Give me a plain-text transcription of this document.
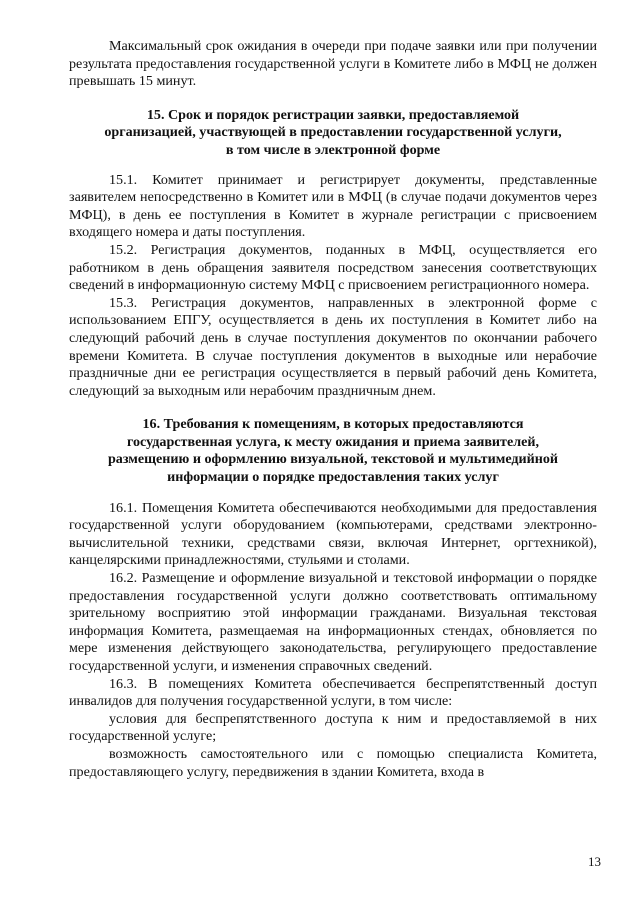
Максимальный срок ожидания в очереди при подаче заявки или при получении результата предоставления государственной услуги в Комитете либо в МФЦ не должен превышать 15 минут.

15. Срок и порядок регистрации заявки, предоставляемой
организацией, участвующей в предоставлении государственной услуги,
в том числе в электронной форме

15.1. Комитет принимает и регистрирует документы, представленные заявителем непосредственно в Комитет или в МФЦ (в случае подачи документов через МФЦ), в день ее поступления в Комитет в журнале регистрации с присвоением входящего номера и даты поступления.

15.2. Регистрация документов, поданных в МФЦ, осуществляется его работником в день обращения заявителя посредством занесения соответствующих сведений в информационную систему МФЦ с присвоением регистрационного номера.

15.3. Регистрация документов, направленных в электронной форме с использованием ЕПГУ, осуществляется в день их поступления в Комитет либо на следующий рабочий день в случае поступления документов по окончании рабочего времени Комитета. В случае поступления документов в выходные или нерабочие праздничные дни ее регистрация осуществляется в первый рабочий день Комитета, следующий за выходным или нерабочим праздничным днем.

16. Требования к помещениям, в которых предоставляются
государственная услуга, к месту ожидания и приема заявителей,
размещению и оформлению визуальной, текстовой и мультимедийной
информации о порядке предоставления таких услуг

16.1. Помещения Комитета обеспечиваются необходимыми для предоставления государственной услуги оборудованием (компьютерами, средствами электронно-вычислительной техники, средствами связи, включая Интернет, оргтехникой), канцелярскими принадлежностями, стульями и столами.

16.2. Размещение и оформление визуальной и текстовой информации о порядке предоставления государственной услуги должно соответствовать оптимальному зрительному восприятию этой информации гражданами. Визуальная текстовая информация Комитета, размещаемая на информационных стендах, обновляется по мере изменения действующего законодательства, регулирующего предоставление государственной услуги, и изменения справочных сведений.

16.3. В помещениях Комитета обеспечивается беспрепятственный доступ инвалидов для получения государственной услуги, в том числе:

условия для беспрепятственного доступа к ним и предоставляемой в них государственной услуге;

возможность самостоятельного или с помощью специалиста Комитета, предоставляющего услугу, передвижения в здании Комитета, входа в

13
